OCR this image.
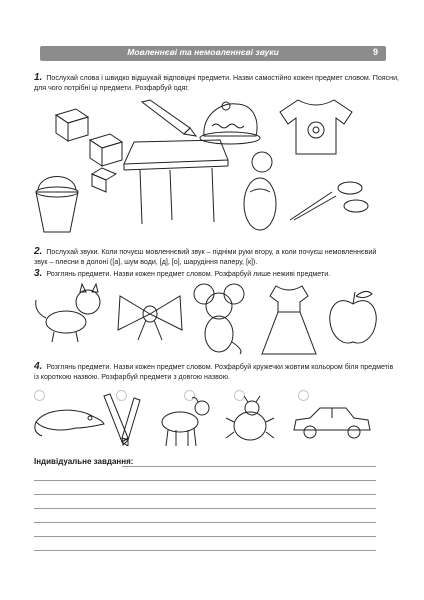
Мовленнєві та немовленнєві звуки	9
1. Послухай слова і швидко відшукай відповідні предмети. Назви самостійно кожен предмет словом. Поясни,
для чого потрібні ці предмети. Розфарбуй одяг.
2. Послухай звуки. Коли почуєш мовленнєвий звук – підніми руки вгору, а коли почуєш немовленнєвий
звук – плесни в долоні ([а], шум води, [д], [о], шарудіння паперу, [к]).
3. Розглянь предмети. Назви кожен предмет словом. Розфарбуй лише неживі предмети.
4. Розглянь предмети. Назви кожен предмет словом. Розфарбуй кружечки жовтим кольором біля предметів
із короткою назвою. Розфарбуй предмети з довгою назвою.
Індивідуальне завдання:
